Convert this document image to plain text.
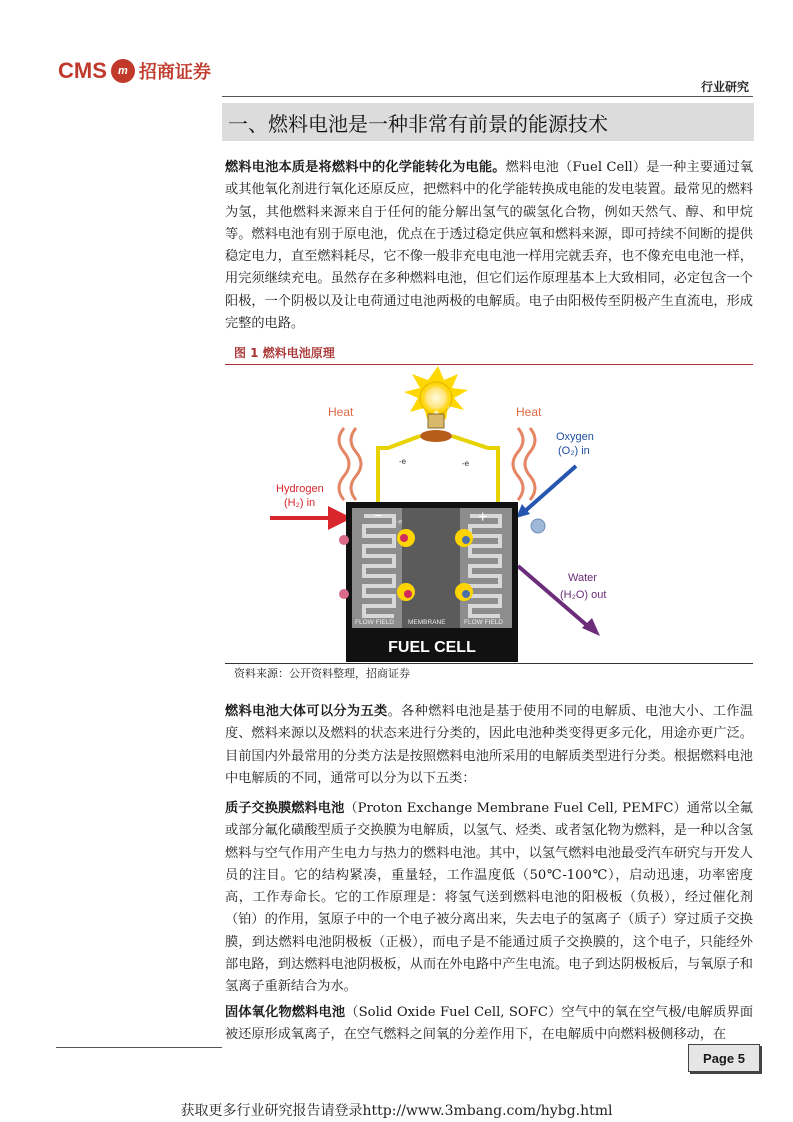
CMS	m 招商证券
行业研究
一、燃料电池是一种非常有前景的能源技术

燃料电池本质是将燃料中的化学能转化为电能。燃料电池（Fuel Cell）是一种主要通过氧或其他氧化剂进行氧化还原反应，把燃料中的化学能转换成电能的发电装置。最常见的燃料为氢，其他燃料来源来自于任何的能分解出氢气的碳氢化合物，例如天然气、醇、和甲烷等。燃料电池有别于原电池，优点在于透过稳定供应氧和燃料来源，即可持续不间断的提供稳定电力，直至燃料耗尽，它不像一般非充电电池一样用完就丢弃，也不像充电电池一样，用完须继续充电。虽然存在多种燃料电池，但它们运作原理基本上大致相同，必定包含一个阳极，一个阴极以及让电荷通过电池两极的电解质。电子由阳极传至阴极产生直流电，形成完整的电路。

图 1 燃料电池原理
-e	-e
Heat	Heat
Hydrogen
(H₂) in
Oxygen
(O₂) in
Water
(H₂O) out
−	+
-e
FLOW FIELD MEMBRANE	FLOW FIELD
FUEL CELL
资料来源：公开资料整理，招商证券

燃料电池大体可以分为五类。各种燃料电池是基于使用不同的电解质、电池大小、工作温度、燃料来源以及燃料的状态来进行分类的，因此电池种类变得更多元化，用途亦更广泛。目前国内外最常用的分类方法是按照燃料电池所采用的电解质类型进行分类。根据燃料电池中电解质的不同，通常可以分为以下五类：

质子交换膜燃料电池（Proton Exchange Membrane Fuel Cell, PEMFC）通常以全氟或部分氟化磺酸型质子交换膜为电解质，以氢气、烃类、或者氢化物为燃料，是一种以含氢燃料与空气作用产生电力与热力的燃料电池。其中，以氢气燃料电池最受汽车研究与开发人员的注目。它的结构紧凑，重量轻，工作温度低（50℃-100℃），启动迅速，功率密度高，工作寿命长。它的工作原理是：将氢气送到燃料电池的阳极板（负极），经过催化剂（铂）的作用，氢原子中的一个电子被分离出来，失去电子的氢离子（质子）穿过质子交换膜，到达燃料电池阴极板（正极），而电子是不能通过质子交换膜的，这个电子，只能经外部电路，到达燃料电池阴极板，从而在外电路中产生电流。电子到达阴极板后，与氧原子和氢离子重新结合为水。

固体氧化物燃料电池（Solid Oxide Fuel Cell, SOFC）空气中的氧在空气极/电解质界面被还原形成氧离子，在空气燃料之间氧的分差作用下，在电解质中向燃料极侧移动，在

Page 5
获取更多行业研究报告请登录http://www.3mbang.com/hybg.html
